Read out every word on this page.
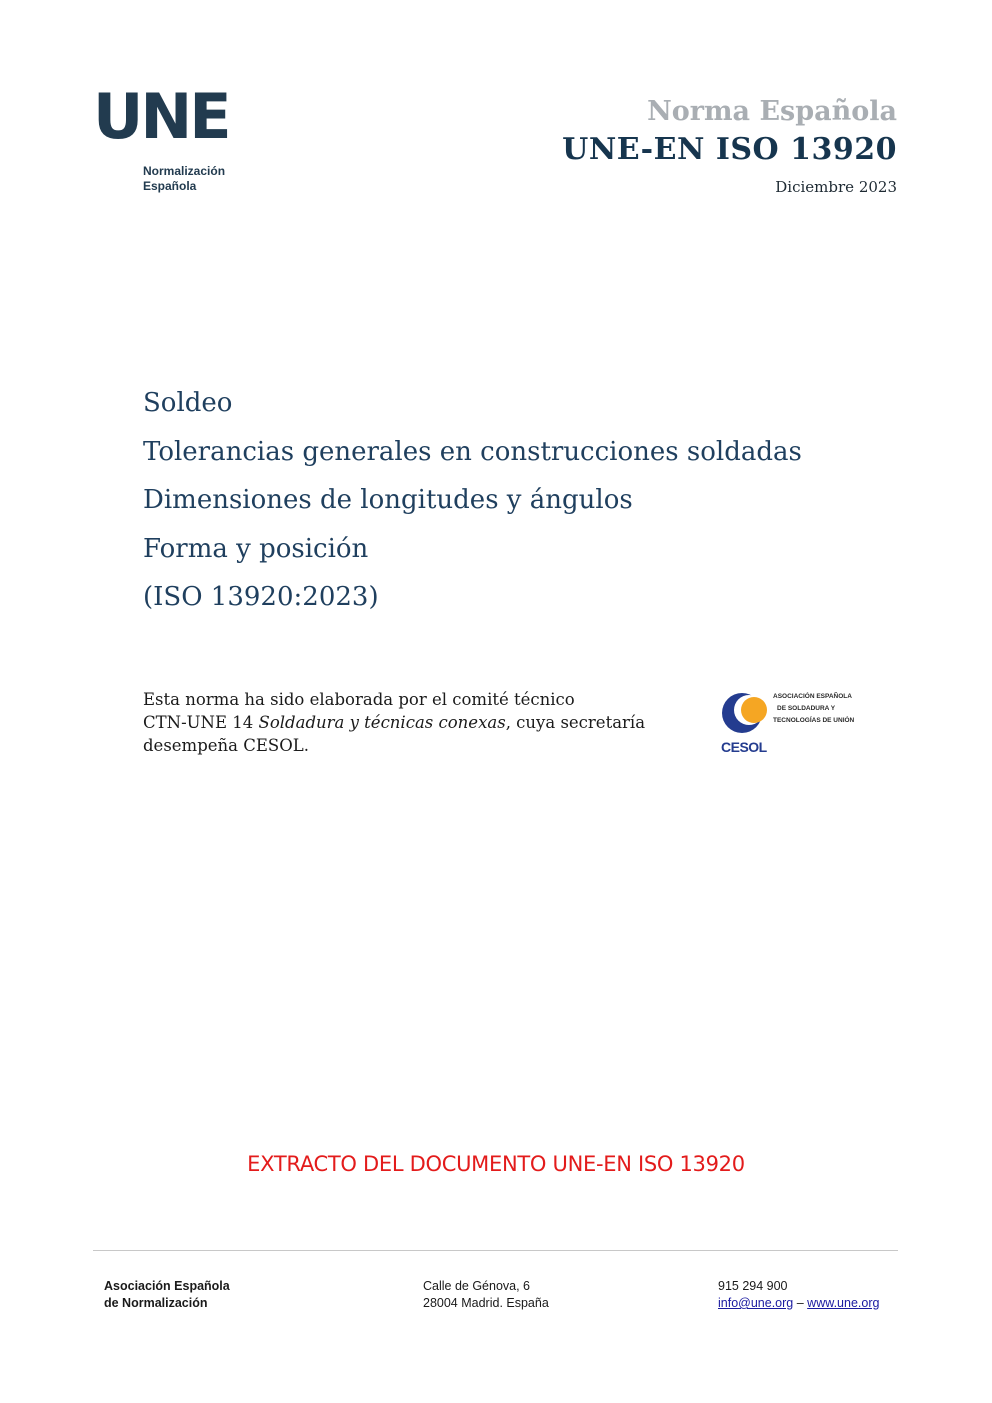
UNE
Normalización
Española
Norma Española
UNE-EN ISO 13920
Diciembre 2023
Soldeo
Tolerancias generales en construcciones soldadas
Dimensiones de longitudes y ángulos
Forma y posición
(ISO 13920:2023)
Esta norma ha sido elaborada por el comité técnico
CTN-UNE 14 Soldadura y técnicas conexas, cuya secretaría
desempeña CESOL.
ASOCIACIÓN ESPAÑOLA
DE SOLDADURA Y
TECNOLOGÍAS DE UNIÓN
CESOL
EXTRACTO DEL DOCUMENTO UNE-EN ISO 13920
Asociación Española
de Normalización
Calle de Génova, 6
28004 Madrid. España
915 294 900
info@une.org – www.une.org
